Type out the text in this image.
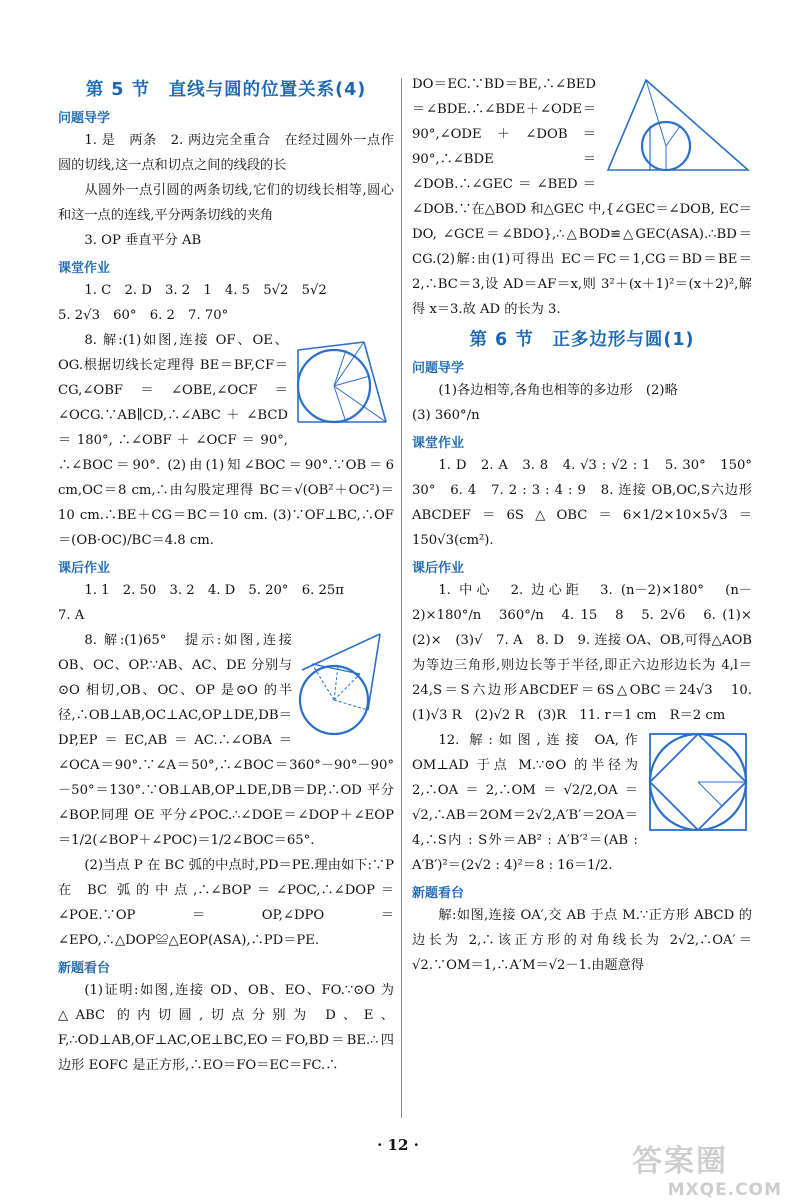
第 5 节　直线与圆的位置关系(4)
问题导学

1. 是　两条　2. 两边完全重合　在经过圆外一点作圆的切线,这一点和切点之间的线段的长

从圆外一点引圆的两条切线,它们的切线长相等,圆心和这一点的连线,平分两条切线的夹角

3. OP 垂直平分 AB

课堂作业

1. C　2. D　3. 2　1　4. 5　5√2　5√2

5. 2√3　60°　6. 2　7. 70°

8. 解:(1)如图,连接 OF、OE、OG.根据切线长定理得 BE＝BF,CF＝CG,∠OBF＝∠OBE,∠OCF＝∠OCG.∵AB∥CD,∴∠ABC ＋ ∠BCD ＝ 180°, ∴∠OBF ＋ ∠OCF ＝ 90°, ∴∠BOC＝90°. (2)由(1)知∠BOC＝90°.∵OB＝6 cm,OC＝8 cm,∴由勾股定理得 BC＝√(OB²＋OC²)＝10 cm.∴BE＋CG＝BC＝10 cm. (3)∵OF⊥BC,∴OF＝(OB·OC)/BC＝4.8 cm.

课后作业

1. 1　2. 50　3. 2　4. D　5. 20°　6. 25π

7. A

8. 解:(1)65°　提示:如图,连接 OB、OC、OP.∵AB、AC、DE 分别与⊙O 相切,OB、OC、OP 是⊙O 的半径,∴OB⊥AB,OC⊥AC,OP⊥DE,DB＝DP,EP＝EC,AB＝AC.∴∠OBA＝∠OCA＝90°.∵∠A＝50°,∴∠BOC＝360°－90°－90°－50°＝130°.∵OB⊥AB,OP⊥DE,DB＝DP,∴OD 平分∠BOP.同理 OE 平分∠POC.∴∠DOE＝∠DOP＋∠EOP＝1/2(∠BOP＋∠POC)＝1/2∠BOC＝65°.

(2)当点 P 在 BC 弧的中点时,PD＝PE.理由如下:∵P 在 BC 弧的中点,∴∠BOP＝∠POC,∴∠DOP＝∠POE.∵OP＝OP,∠DPO＝∠EPO,∴△DOP≌△EOP(ASA),∴PD＝PE.

新题看台

(1)证明:如图,连接 OD、OB、EO、FO.∵⊙O 为△ABC 的内切圆,切点分别为 D、E、F,∴OD⊥AB,OF⊥AC,OE⊥BC,EO＝FO,BD＝BE.∴四边形 EOFC 是正方形,∴EO＝FO＝EC＝FC.∴

DO＝EC.∵BD＝BE,∴∠BED＝∠BDE.∴∠BDE＋∠ODE＝90°,∠ODE＋∠DOB＝90°,∴∠BDE＝∠DOB.∴∠GEC＝∠BED＝∠DOB.∵在△BOD 和△GEC 中,{∠GEC＝∠DOB, EC＝DO, ∠GCE＝∠BDO},∴△BOD≌△GEC(ASA).∴BD＝CG.(2)解:由(1)可得出 EC＝FC＝1,CG＝BD＝BE＝2,∴BC＝3,设 AD＝AF＝x,则 3²＋(x＋1)²＝(x＋2)²,解得 x＝3.故 AD 的长为 3.

第 6 节　正多边形与圆(1)
问题导学

(1)各边相等,各角也相等的多边形　(2)略

(3) 360°/n

课堂作业

1. D　2. A　3. 8　4. √3 : √2 : 1　5. 30°　150°　30°　6. 4　7. 2 : 3 : 4 : 9　8. 连接 OB,OC,S六边形ABCDEF＝6S△OBC＝6×1/2×10×5√3＝150√3(cm²).

课后作业

1. 中心　2. 边心距　3. (n－2)×180°　(n－2)×180°/n　360°/n　4. 15　8　5. 2√6　6. (1)×　(2)×　(3)√　7. A　8. D　9. 连接 OA、OB,可得△AOB 为等边三角形,则边长等于半径,即正六边形边长为 4,l＝24,S＝S六边形ABCDEF＝6S△OBC＝24√3　10. (1)√3 R　(2)√2 R　(3)R　11. r＝1 cm　R＝2 cm

12. 解:如图,连接 OA,作 OM⊥AD 于点 M.∵⊙O 的半径为 2,∴OA＝2,∴OM＝√2/2,OA＝√2,∴AB＝2OM＝2√2,A′B′＝2OA＝4,∴S内 : S外＝AB² : A′B′²＝(AB : A′B′)²＝(2√2 : 4)²＝8 : 16＝1/2.

新题看台

解:如图,连接 OA′,交 AB 于点 M.∵正方形 ABCD 的边长为 2,∴该正方形的对角线长为 2√2,∴OA′＝√2.∵OM＝1,∴A′M＝√2－1.由题意得

· 12 ·	答案圈
MXQE.COM
